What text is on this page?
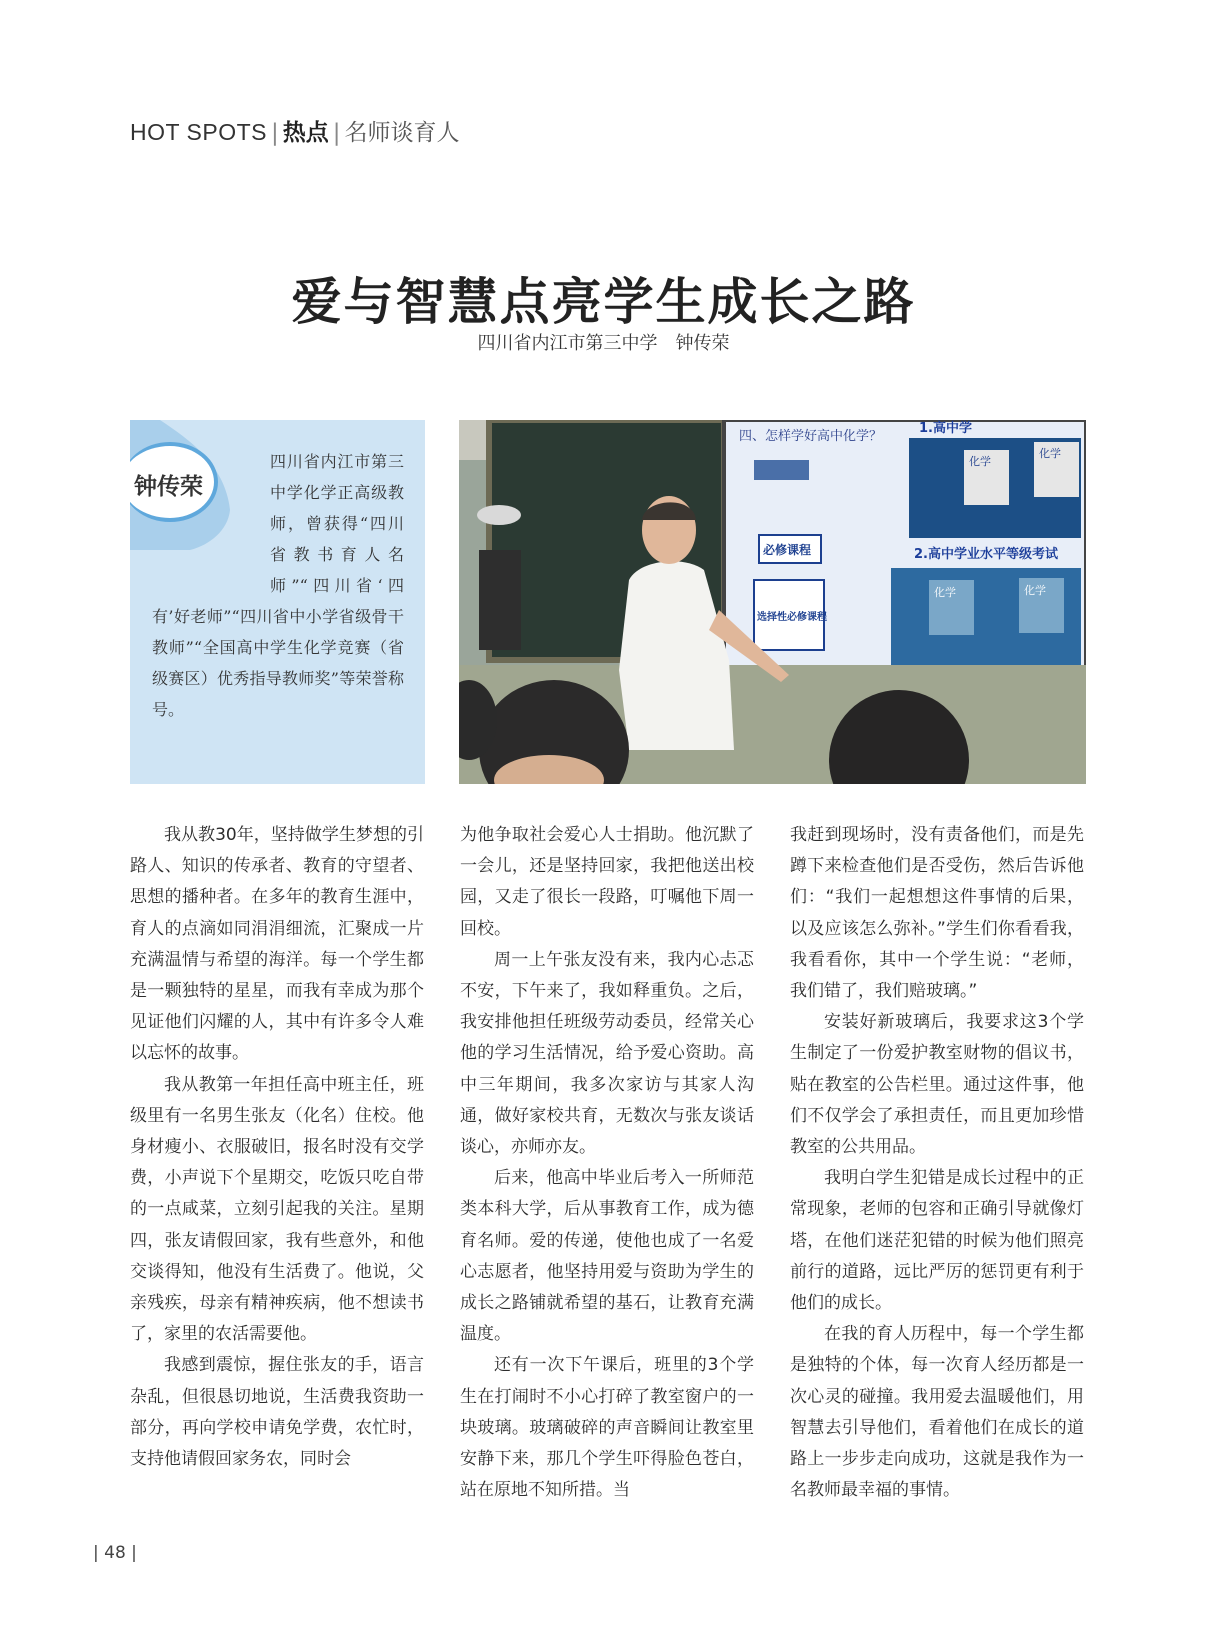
HOT SPOTS | 热点 | 名师谈育人
爱与智慧点亮学生成长之路
四川省内江市第三中学　钟传荣
钟传荣
四川省内江市第三中学化学正高级教师，曾获得“四川省教书育人名师”“四川省‘四有’好老师”“四川省中小学省级骨干教师”“全国高中学生化学竞赛（省级赛区）优秀指导教师奖”等荣誉称号。
四、怎样学好高中化学？
1.高中学
化学
化学
2.高中学业水平等级考试
化学	化学
必修课程
选择性必修课程

我从教30年，坚持做学生梦想的引路人、知识的传承者、教育的守望者、思想的播种者。在多年的教育生涯中，育人的点滴如同涓涓细流，汇聚成一片充满温情与希望的海洋。每一个学生都是一颗独特的星星，而我有幸成为那个见证他们闪耀的人，其中有许多令人难以忘怀的故事。

我从教第一年担任高中班主任，班级里有一名男生张友（化名）住校。他身材瘦小、衣服破旧，报名时没有交学费，小声说下个星期交，吃饭只吃自带的一点咸菜，立刻引起我的关注。星期四，张友请假回家，我有些意外，和他交谈得知，他没有生活费了。他说，父亲残疾，母亲有精神疾病，他不想读书了，家里的农活需要他。

我感到震惊，握住张友的手，语言杂乱，但很恳切地说，生活费我资助一部分，再向学校申请免学费，农忙时，支持他请假回家务农，同时会

为他争取社会爱心人士捐助。他沉默了一会儿，还是坚持回家，我把他送出校园，又走了很长一段路，叮嘱他下周一回校。

周一上午张友没有来，我内心忐忑不安，下午来了，我如释重负。之后，我安排他担任班级劳动委员，经常关心他的学习生活情况，给予爱心资助。高中三年期间，我多次家访与其家人沟通，做好家校共育，无数次与张友谈话谈心，亦师亦友。

后来，他高中毕业后考入一所师范类本科大学，后从事教育工作，成为德育名师。爱的传递，使他也成了一名爱心志愿者，他坚持用爱与资助为学生的成长之路铺就希望的基石，让教育充满温度。

还有一次下午课后，班里的3个学生在打闹时不小心打碎了教室窗户的一块玻璃。玻璃破碎的声音瞬间让教室里安静下来，那几个学生吓得脸色苍白，站在原地不知所措。当

我赶到现场时，没有责备他们，而是先蹲下来检查他们是否受伤，然后告诉他们：“我们一起想想这件事情的后果，以及应该怎么弥补。”学生们你看看我，我看看你，其中一个学生说：“老师，我们错了，我们赔玻璃。”

安装好新玻璃后，我要求这3个学生制定了一份爱护教室财物的倡议书，贴在教室的公告栏里。通过这件事，他们不仅学会了承担责任，而且更加珍惜教室的公共用品。

我明白学生犯错是成长过程中的正常现象，老师的包容和正确引导就像灯塔，在他们迷茫犯错的时候为他们照亮前行的道路，远比严厉的惩罚更有利于他们的成长。

在我的育人历程中，每一个学生都是独特的个体，每一次育人经历都是一次心灵的碰撞。我用爱去温暖他们，用智慧去引导他们，看着他们在成长的道路上一步步走向成功，这就是我作为一名教师最幸福的事情。

| 48 |
